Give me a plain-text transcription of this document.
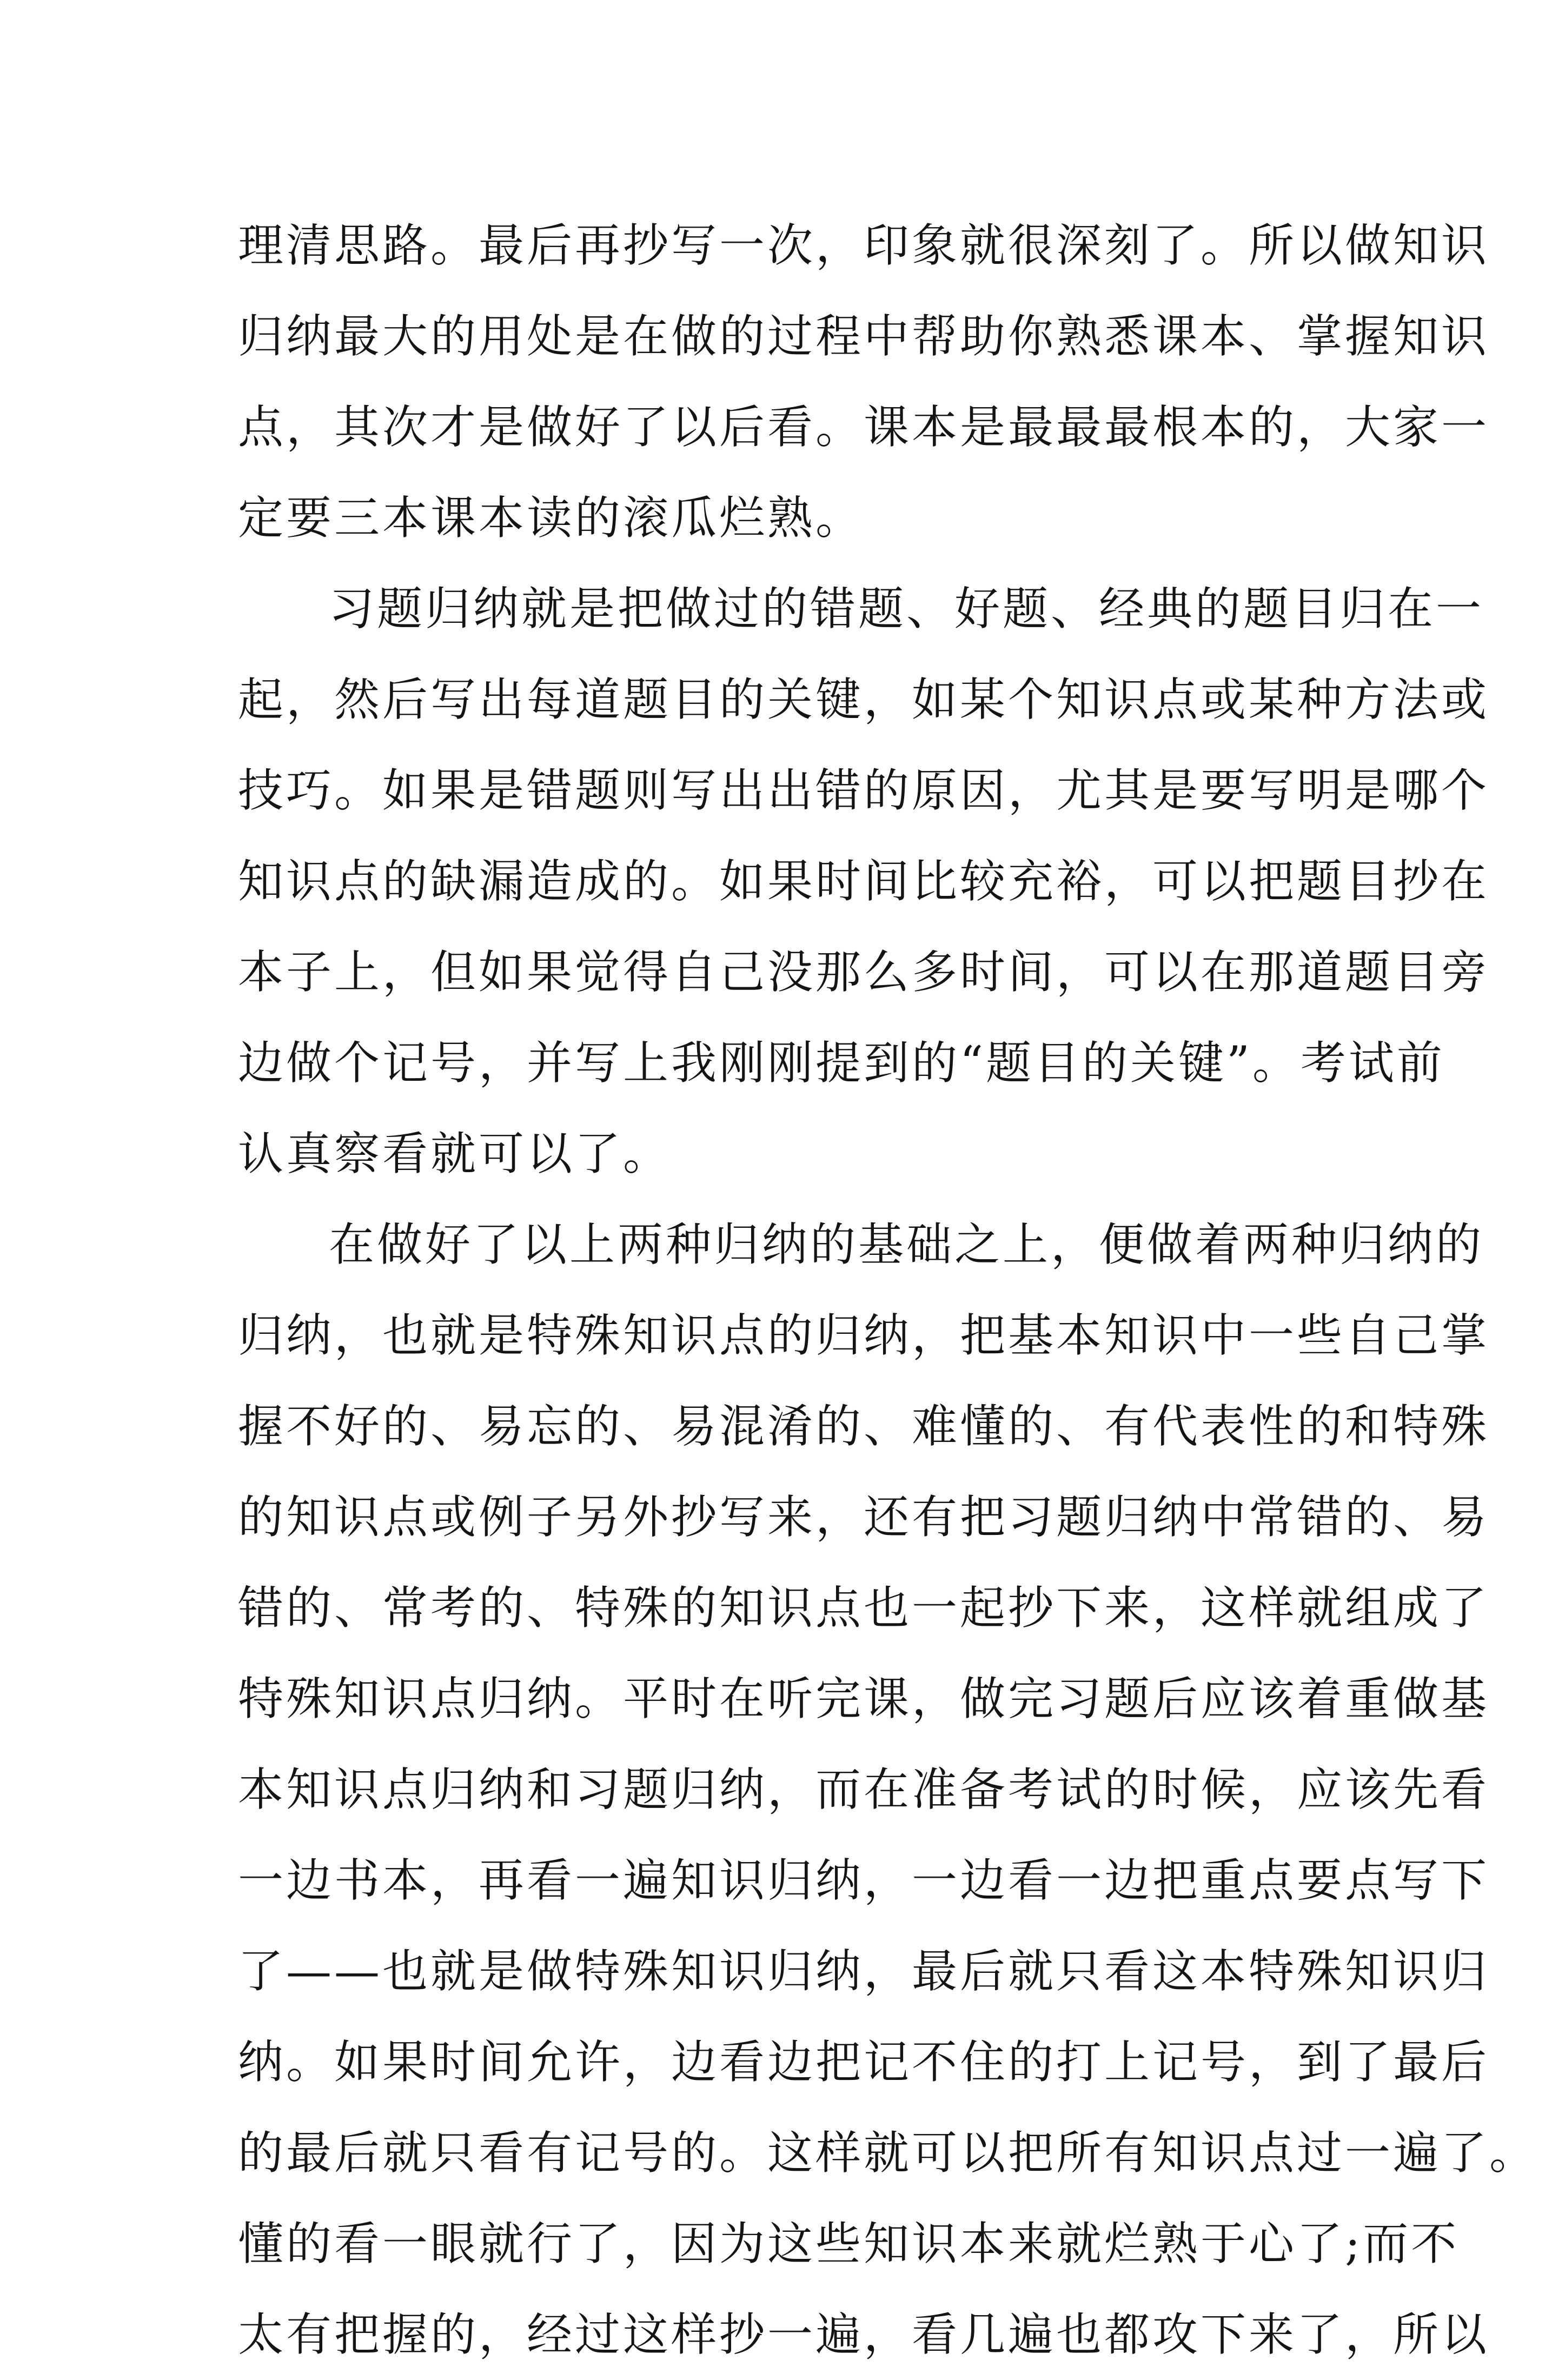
理清思路。最后再抄写一次，印象就很深刻了。所以做知识
归纳最大的用处是在做的过程中帮助你熟悉课本、掌握知识
点，其次才是做好了以后看。课本是最最最根本的，大家一
定要三本课本读的滚瓜烂熟。
习题归纳就是把做过的错题、好题、经典的题目归在一
起，然后写出每道题目的关键，如某个知识点或某种方法或
技巧。如果是错题则写出出错的原因，尤其是要写明是哪个
知识点的缺漏造成的。如果时间比较充裕，可以把题目抄在
本子上，但如果觉得自己没那么多时间，可以在那道题目旁
边做个记号，并写上我刚刚提到的“题目的关键”。考试前
认真察看就可以了。
在做好了以上两种归纳的基础之上，便做着两种归纳的
归纳，也就是特殊知识点的归纳，把基本知识中一些自己掌
握不好的、易忘的、易混淆的、难懂的、有代表性的和特殊
的知识点或例子另外抄写来，还有把习题归纳中常错的、易
错的、常考的、特殊的知识点也一起抄下来，这样就组成了
特殊知识点归纳。平时在听完课，做完习题后应该着重做基
本知识点归纳和习题归纳，而在准备考试的时候，应该先看
一边书本，再看一遍知识归纳，一边看一边把重点要点写下
了——也就是做特殊知识归纳，最后就只看这本特殊知识归
纳。如果时间允许，边看边把记不住的打上记号，到了最后
的最后就只看有记号的。这样就可以把所有知识点过一遍了。
懂的看一眼就行了，因为这些知识本来就烂熟于心了;而不
太有把握的，经过这样抄一遍，看几遍也都攻下来了，所以
